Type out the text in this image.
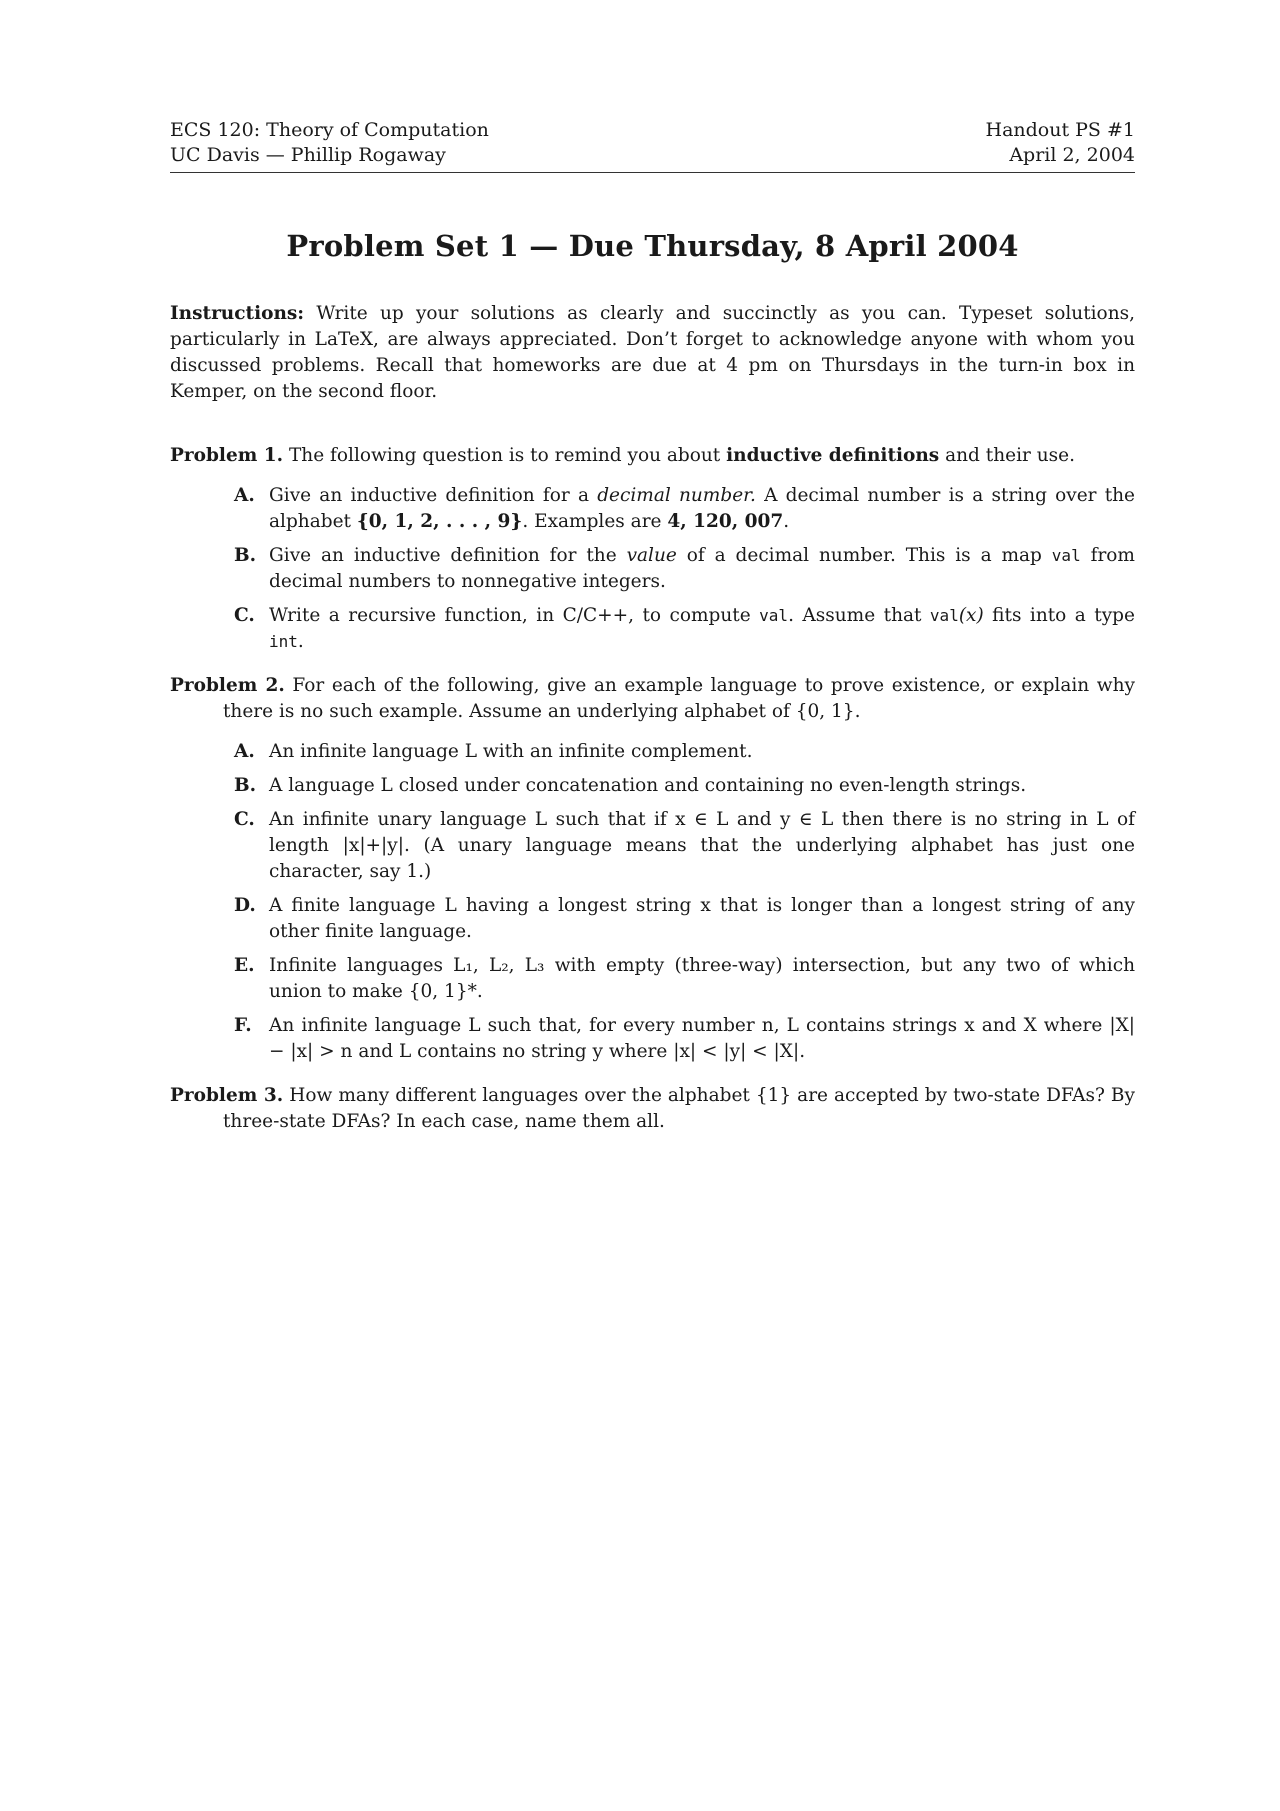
ECS 120: Theory of Computation
UC Davis — Phillip Rogaway
Handout PS #1
April 2, 2004
Problem Set 1 — Due Thursday, 8 April 2004
Instructions: Write up your solutions as clearly and succinctly as you can. Typeset solutions, particularly in LaTeX, are always appreciated. Don’t forget to acknowledge anyone with whom you discussed problems. Recall that homeworks are due at 4 pm on Thursdays in the turn-in box in Kemper, on the second floor.
Problem 1. The following question is to remind you about inductive definitions and their use.
A. Give an inductive definition for a decimal number. A decimal number is a string over the alphabet {0, 1, 2, . . . , 9}. Examples are 4, 120, 007.
B. Give an inductive definition for the value of a decimal number. This is a map val from decimal numbers to nonnegative integers.
C. Write a recursive function, in C/C++, to compute val. Assume that val(x) fits into a type int.
Problem 2. For each of the following, give an example language to prove existence, or explain why there is no such example. Assume an underlying alphabet of {0, 1}.
A. An infinite language L with an infinite complement.
B. A language L closed under concatenation and containing no even-length strings.
C. An infinite unary language L such that if x ∈ L and y ∈ L then there is no string in L of length |x|+|y|. (A unary language means that the underlying alphabet has just one character, say 1.)
D. A finite language L having a longest string x that is longer than a longest string of any other finite language.
E. Infinite languages L₁, L₂, L₃ with empty (three-way) intersection, but any two of which union to make {0, 1}*.
F. An infinite language L such that, for every number n, L contains strings x and X where |X| − |x| > n and L contains no string y where |x| < |y| < |X|.
Problem 3. How many different languages over the alphabet {1} are accepted by two-state DFAs? By three-state DFAs? In each case, name them all.
